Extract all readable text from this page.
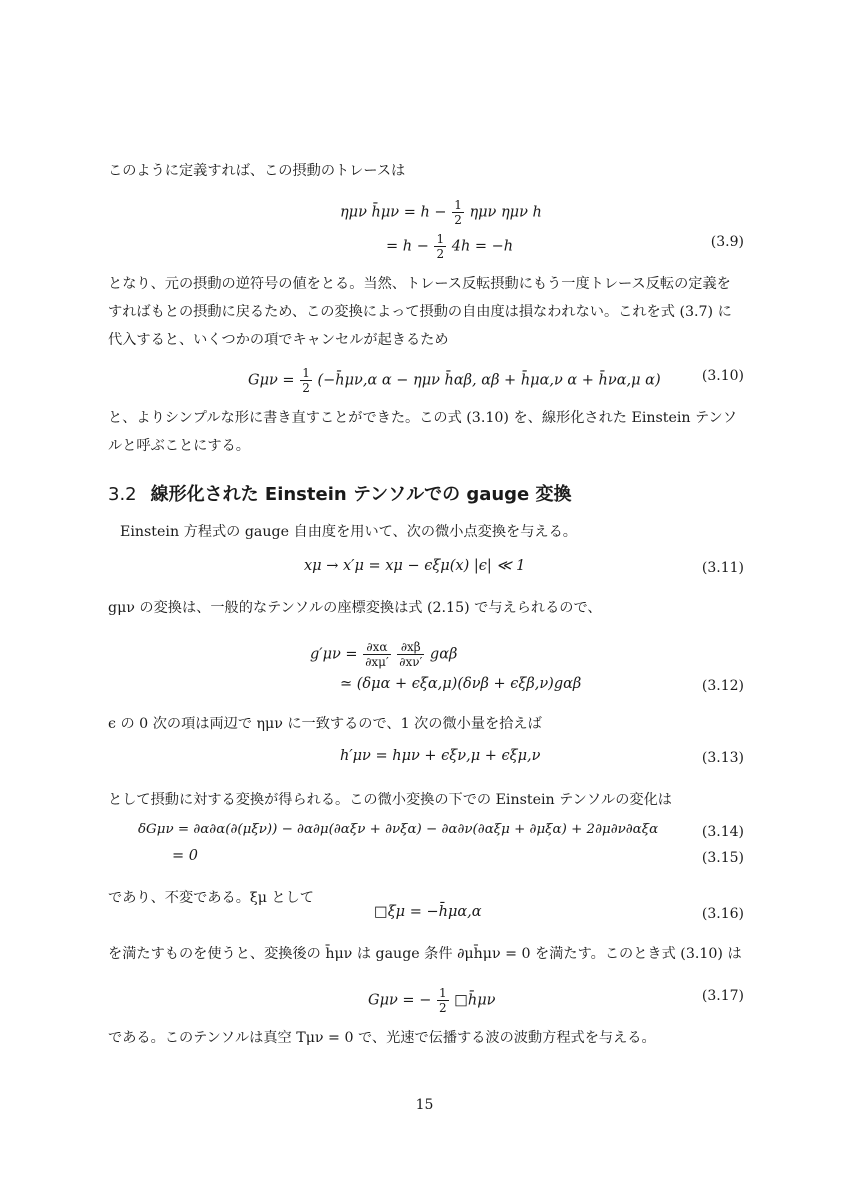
このように定義すれば、この摂動のトレースは
ημν h̄μν = $h - \frac{1}{2}$ ημν ημν h
= $h - \frac{1}{2} 4h = -h$	(3.9)
となり、元の摂動の逆符号の値をとる。当然、トレース反転摂動にもう一度トレース反転の定義をすればもとの摂動に戻るため、この変換によって摂動の自由度は損なわれない。これを式 (3.7) に代入すると、いくつかの項でキャンセルが起きるため
$G\mu\nu = \frac{1}{2}$ (−h̄μν,α α − ημν h̄αβ, αβ + h̄μα,ν α + h̄να,μ α)	(3.10)
と、よりシンプルな形に書き直すことができた。この式 (3.10) を、線形化された Einstein テンソルと呼ぶことにする。
3.2 線形化された Einstein テンソルでの gauge 変換
Einstein 方程式の gauge 自由度を用いて、次の微小点変換を与える。
xμ → x′μ = xμ − ϵξμ(x) |ϵ| ≪ 1	(3.11)
gμν の変換は、一般的なテンソルの座標変換は式 (2.15) で与えられるので、
$g'\mu\nu = \frac{\partial x\alpha}{\partial x\mu'}$
$\frac{\partial x\beta}{\partial x\nu'}$ gαβ
≃ (δμα + ϵξα,μ)(δνβ + ϵξβ,ν)gαβ	(3.12)
ϵ の 0 次の項は両辺で ημν に一致するので、1 次の微小量を拾えば
h′μν = hμν + ϵξν,μ + ϵξμ,ν	(3.13)
として摂動に対する変換が得られる。この微小変換の下での Einstein テンソルの変化は
δGμν = ∂α∂α(∂(μξν)) − ∂α∂μ(∂αξν + ∂νξα) − ∂α∂ν(∂αξμ + ∂μξα) + 2∂μ∂ν∂αξα	(3.14)
= 0	(3.15)
であり、不変である。ξμ として
□ξμ = −h̄μα,α	(3.16)
を満たすものを使うと、変換後の h̄μν は gauge 条件 ∂μh̄μν = 0 を満たす。このとき式 (3.10) は
Gμν = − $\frac{1}{2}$ □h̄μν	(3.17)
である。このテンソルは真空 Tμν = 0 で、光速で伝播する波の波動方程式を与える。
15
